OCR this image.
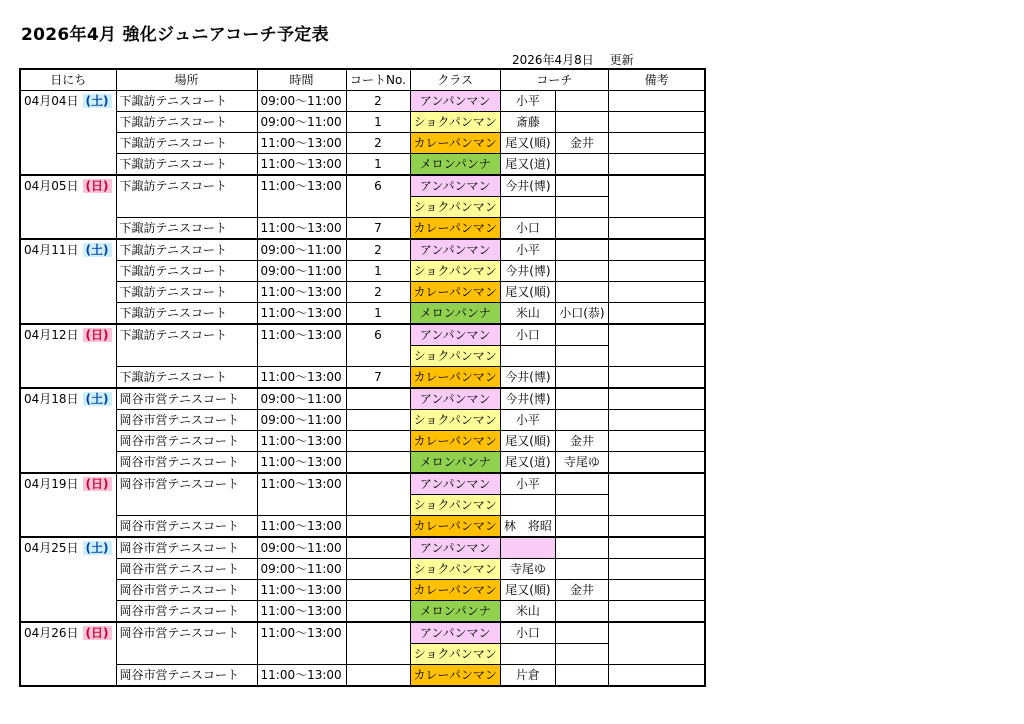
2026年4月 強化ジュニアコーチ予定表
2026年4月8日 更新
日にち	場所	時間	コートNo.	クラス	コーチ		備考
04月04日 (土)	下諏訪テニスコート	09:00～11:00	2	アンパンマン	小平		
	下諏訪テニスコート	09:00～11:00	1	ショクパンマン	斎藤		
	下諏訪テニスコート	11:00～13:00	2	カレーパンマン	尾又(順)	金井	
	下諏訪テニスコート	11:00～13:00	1	メロンパンナ	尾又(道)		
04月05日 (日)	下諏訪テニスコート	11:00～13:00	6	アンパンマン	今井(博)		
				ショクパンマン			
	下諏訪テニスコート	11:00～13:00	7	カレーパンマン	小口		
04月11日 (土)	下諏訪テニスコート	09:00～11:00	2	アンパンマン	小平		
	下諏訪テニスコート	09:00～11:00	1	ショクパンマン	今井(博)		
	下諏訪テニスコート	11:00～13:00	2	カレーパンマン	尾又(順)		
	下諏訪テニスコート	11:00～13:00	1	メロンパンナ	米山	小口(恭)	
04月12日 (日)	下諏訪テニスコート	11:00～13:00	6	アンパンマン	小口		
				ショクパンマン			
	下諏訪テニスコート	11:00～13:00	7	カレーパンマン	今井(博)		
04月18日 (土)	岡谷市営テニスコート	09:00～11:00		アンパンマン	今井(博)		
	岡谷市営テニスコート	09:00～11:00		ショクパンマン	小平		
	岡谷市営テニスコート	11:00～13:00		カレーパンマン	尾又(順)	金井	
	岡谷市営テニスコート	11:00～13:00		メロンパンナ	尾又(道)	寺尾ゆ	
04月19日 (日)	岡谷市営テニスコート	11:00～13:00		アンパンマン	小平		
				ショクパンマン			
	岡谷市営テニスコート	11:00～13:00		カレーパンマン	林　将昭		
04月25日 (土)	岡谷市営テニスコート	09:00～11:00		アンパンマン			
	岡谷市営テニスコート	09:00～11:00		ショクパンマン	寺尾ゆ		
	岡谷市営テニスコート	11:00～13:00		カレーパンマン	尾又(順)	金井	
	岡谷市営テニスコート	11:00～13:00		メロンパンナ	米山		
04月26日 (日)	岡谷市営テニスコート	11:00～13:00		アンパンマン	小口		
				ショクパンマン			
	岡谷市営テニスコート	11:00～13:00		カレーパンマン	片倉		
